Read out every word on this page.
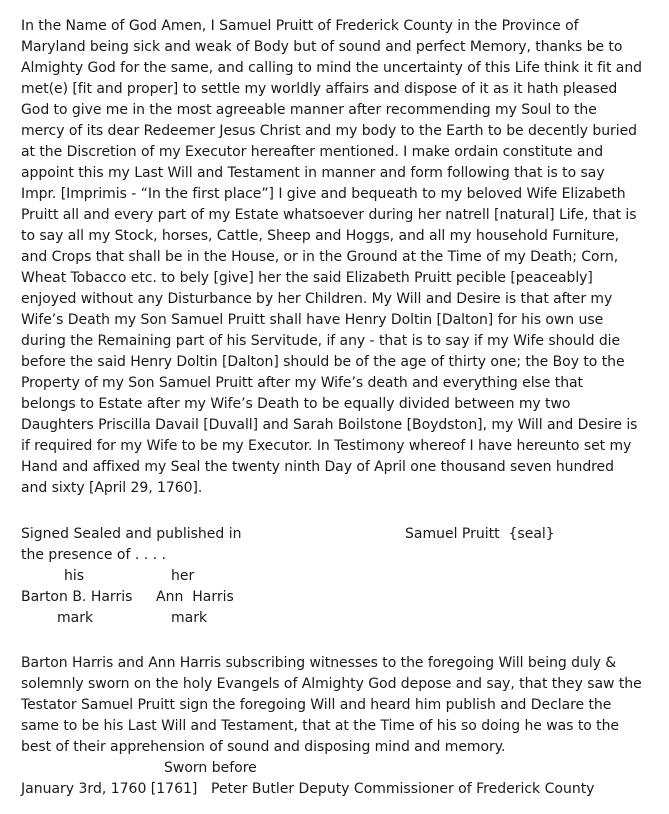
In the Name of God Amen, I Samuel Pruitt of Frederick County in the Province of
Maryland being sick and weak of Body but of sound and perfect Memory, thanks be to
Almighty God for the same, and calling to mind the uncertainty of this Life think it fit and
met(e) [fit and proper] to settle my worldly affairs and dispose of it as it hath pleased
God to give me in the most agreeable manner after recommending my Soul to the
mercy of its dear Redeemer Jesus Christ and my body to the Earth to be decently buried
at the Discretion of my Executor hereafter mentioned. I make ordain constitute and
appoint this my Last Will and Testament in manner and form following that is to say
Impr. [Imprimis - “In the first place”] I give and bequeath to my beloved Wife Elizabeth
Pruitt all and every part of my Estate whatsoever during her natrell [natural] Life, that is
to say all my Stock, horses, Cattle, Sheep and Hoggs, and all my household Furniture,
and Crops that shall be in the House, or in the Ground at the Time of my Death; Corn,
Wheat Tobacco etc. to bely [give] her the said Elizabeth Pruitt pecible [peaceably]
enjoyed without any Disturbance by her Children. My Will and Desire is that after my
Wife’s Death my Son Samuel Pruitt shall have Henry Doltin [Dalton] for his own use
during the Remaining part of his Servitude, if any - that is to say if my Wife should die
before the said Henry Doltin [Dalton] should be of the age of thirty one; the Boy to the
Property of my Son Samuel Pruitt after my Wife’s death and everything else that
belongs to Estate after my Wife’s Death to be equally divided between my two
Daughters Priscilla Davail [Duvall] and Sarah Boilstone [Boydston], my Will and Desire is
if required for my Wife to be my Executor. In Testimony whereof I have hereunto set my
Hand and affixed my Seal the twenty ninth Day of April one thousand seven hundred
and sixty [April 29, 1760].
Signed Sealed and published in	Samuel Pruitt  {seal}
the presence of . . . .
his	her
Barton B. Harris Ann  Harris
mark	mark
Barton Harris and Ann Harris subscribing witnesses to the foregoing Will being duly &
solemnly sworn on the holy Evangels of Almighty God depose and say, that they saw the
Testator Samuel Pruitt sign the foregoing Will and heard him publish and Declare the
same to be his Last Will and Testament, that at the Time of his so doing he was to the
best of their apprehension of sound and disposing mind and memory.
Sworn before
January 3rd, 1760 [1761] Peter Butler Deputy Commissioner of Frederick County
